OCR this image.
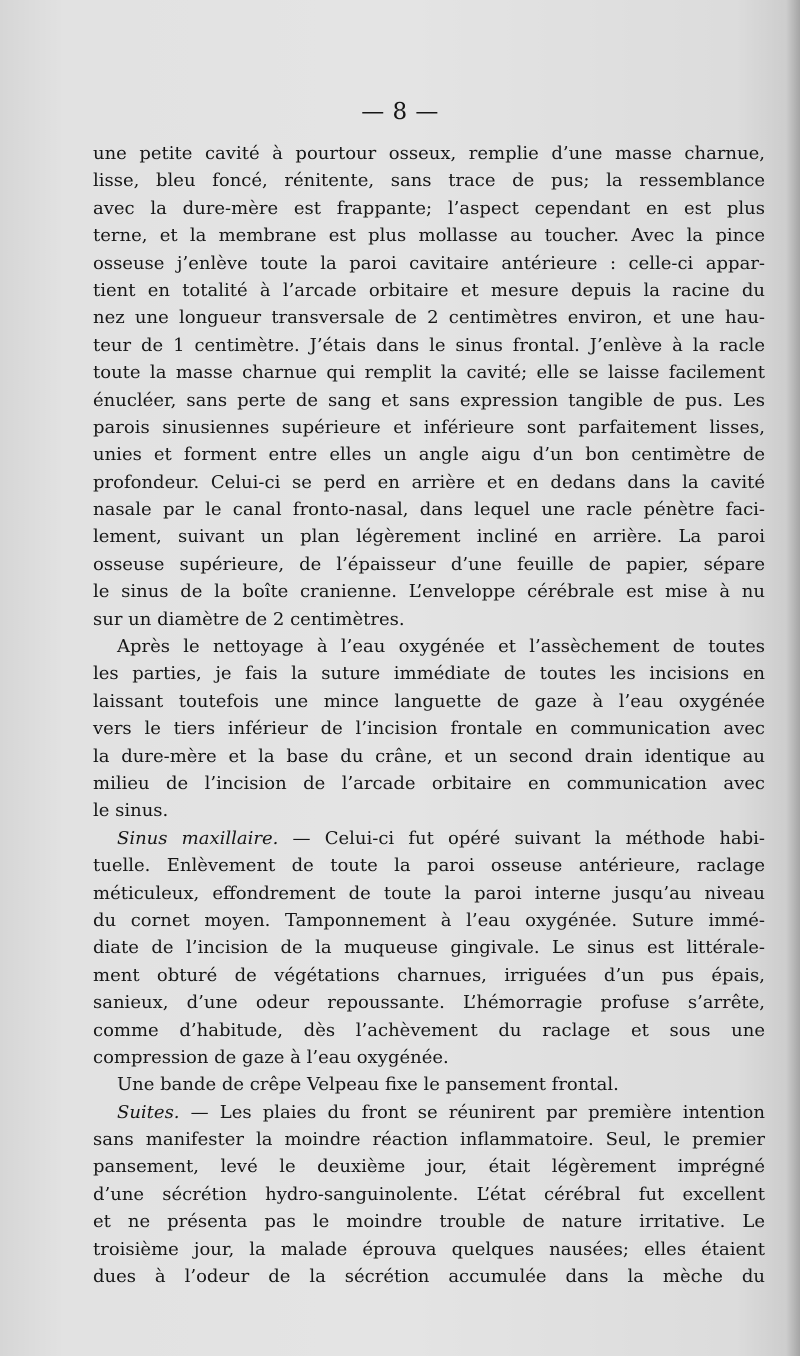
— 8 —
une petite cavité à pourtour osseux, remplie d’une masse charnue,
lisse, bleu foncé, rénitente, sans trace de pus; la ressemblance
avec la dure-mère est frappante; l’aspect cependant en est plus
terne, et la membrane est plus mollasse au toucher. Avec la pince
osseuse j’enlève toute la paroi cavitaire antérieure : celle-ci appar-
tient en totalité à l’arcade orbitaire et mesure depuis la racine du
nez une longueur transversale de 2 centimètres environ, et une hau-
teur de 1 centimètre. J’étais dans le sinus frontal. J’enlève à la racle
toute la masse charnue qui remplit la cavité; elle se laisse facilement
énucléer, sans perte de sang et sans expression tangible de pus. Les
parois sinusiennes supérieure et inférieure sont parfaitement lisses,
unies et forment entre elles un angle aigu d’un bon centimètre de
profondeur. Celui-ci se perd en arrière et en dedans dans la cavité
nasale par le canal fronto-nasal, dans lequel une racle pénètre faci-
lement, suivant un plan légèrement incliné en arrière. La paroi
osseuse supérieure, de l’épaisseur d’une feuille de papier, sépare
le sinus de la boîte cranienne. L’enveloppe cérébrale est mise à nu
sur un diamètre de 2 centimètres.
Après le nettoyage à l’eau oxygénée et l’assèchement de toutes
les parties, je fais la suture immédiate de toutes les incisions en
laissant toutefois une mince languette de gaze à l’eau oxygénée
vers le tiers inférieur de l’incision frontale en communication avec
la dure-mère et la base du crâne, et un second drain identique au
milieu de l’incision de l’arcade orbitaire en communication avec
le sinus.
Sinus maxillaire. — Celui-ci fut opéré suivant la méthode habi-
tuelle. Enlèvement de toute la paroi osseuse antérieure, raclage
méticuleux, effondrement de toute la paroi interne jusqu’au niveau
du cornet moyen. Tamponnement à l’eau oxygénée. Suture immé-
diate de l’incision de la muqueuse gingivale. Le sinus est littérale-
ment obturé de végétations charnues, irriguées d’un pus épais,
sanieux, d’une odeur repoussante. L’hémorragie profuse s’arrête,
comme d’habitude, dès l’achèvement du raclage et sous une
compression de gaze à l’eau oxygénée.
Une bande de crêpe Velpeau fixe le pansement frontal.
Suites. — Les plaies du front se réunirent par première intention
sans manifester la moindre réaction inflammatoire. Seul, le premier
pansement, levé le deuxième jour, était légèrement imprégné
d’une sécrétion hydro-sanguinolente. L’état cérébral fut excellent
et ne présenta pas le moindre trouble de nature irritative. Le
troisième jour, la malade éprouva quelques nausées; elles étaient
dues à l’odeur de la sécrétion accumulée dans la mèche du
